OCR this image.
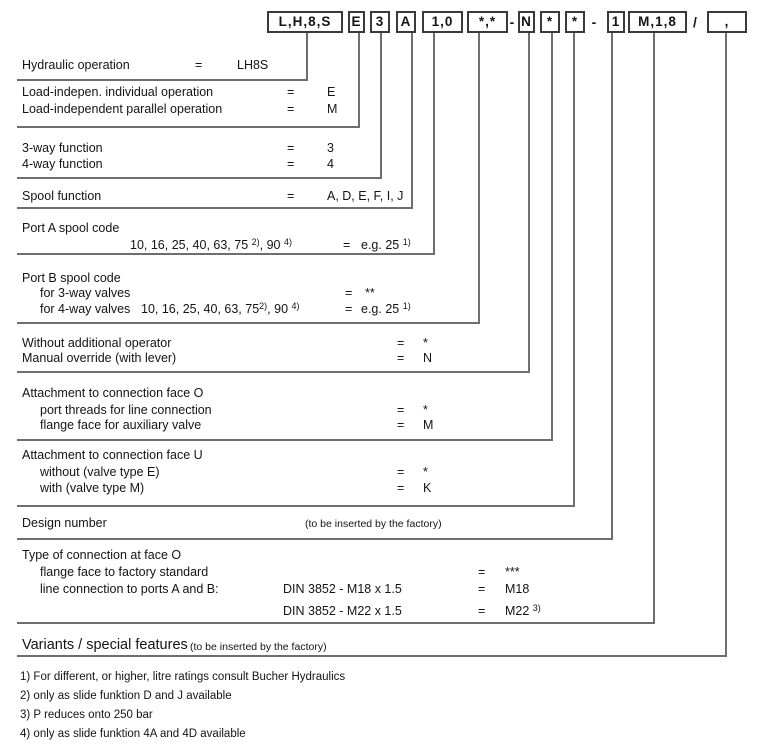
L,H,8,S	E	3	A	1,0	*,* - N	*	* -	1	M,1,8	/	,
Hydraulic operation	=	LH8S
Load-indepen. individual operation	=	E
Load-independent parallel operation	=	M
3-way function	=	3
4-way function	=	4
Spool function	=	A, D, E, F, I, J
Port A spool code
10, 16, 25, 40, 63, 75 $^{2)}$, 90 $^{4)}$	= e.g. 25 $^{1)}$
Port B spool code
for 3-way valves	= **
for 4-way valves 10, 16, 25, 40, 63, 75$^{2)}$, 90 $^{4)}$	= e.g. 25 $^{1)}$
Without additional operator	= *
Manual override (with lever)	= N
Attachment to connection face O
port threads for line connection	= *
flange face for auxiliary valve	= M
Attachment to connection face U
without (valve type E)	= *
with (valve type M)	= K
Design number	(to be inserted by the factory)
Type of connection at face O
flange face to factory standard	= ***
line connection to ports A and B:	DIN 3852 - M18 x 1.5	= M18
DIN 3852 - M22 x 1.5	= M22 $^{3)}$
Variants / special features (to be inserted by the factory)
1) For different, or higher, litre ratings consult Bucher Hydraulics
2) only as slide funktion D and J available
3) P reduces onto 250 bar
4) only as slide funktion 4A and 4D available
